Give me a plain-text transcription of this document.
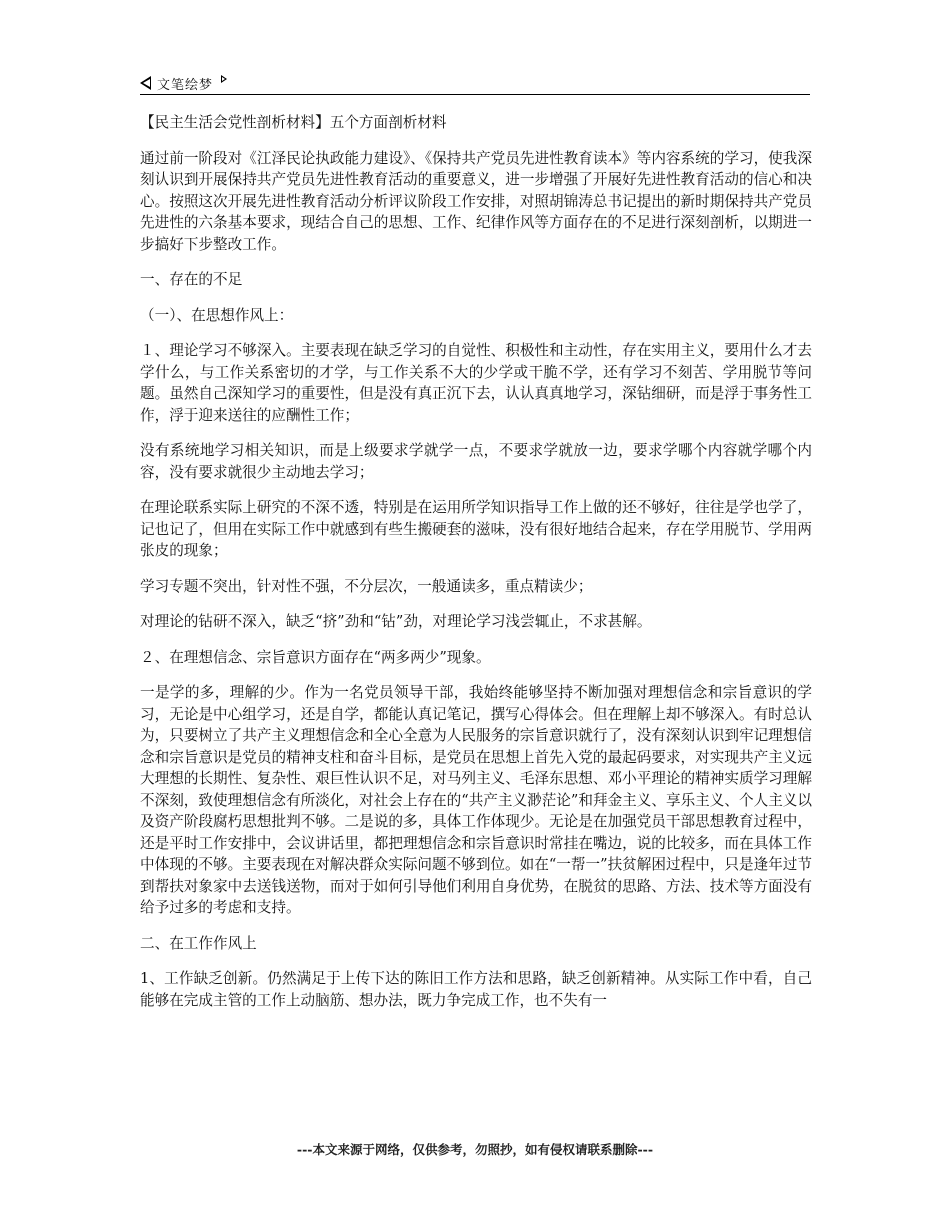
文笔绘梦

【民主生活会党性剖析材料】五个方面剖析材料

通过前一阶段对《江泽民论执政能力建设》、《保持共产党员先进性教育读本》等内容系统的学习，使我深刻认识到开展保持共产党员先进性教育活动的重要意义，进一步增强了开展好先进性教育活动的信心和决心。按照这次开展先进性教育活动分析评议阶段工作安排，对照胡锦涛总书记提出的新时期保持共产党员先进性的六条基本要求，现结合自己的思想、工作、纪律作风等方面存在的不足进行深刻剖析，以期进一步搞好下步整改工作。

一、存在的不足

（一）、在思想作风上：

１、理论学习不够深入。主要表现在缺乏学习的自觉性、积极性和主动性，存在实用主义，要用什么才去学什么，与工作关系密切的才学，与工作关系不大的少学或干脆不学，还有学习不刻苦、学用脱节等问题。虽然自己深知学习的重要性，但是没有真正沉下去，认认真真地学习，深钻细研，而是浮于事务性工作，浮于迎来送往的应酬性工作；

没有系统地学习相关知识，而是上级要求学就学一点，不要求学就放一边，要求学哪个内容就学哪个内容，没有要求就很少主动地去学习；

在理论联系实际上研究的不深不透，特别是在运用所学知识指导工作上做的还不够好，往往是学也学了，记也记了，但用在实际工作中就感到有些生搬硬套的滋味，没有很好地结合起来，存在学用脱节、学用两张皮的现象；

学习专题不突出，针对性不强，不分层次，一般通读多，重点精读少；

对理论的钻研不深入，缺乏“挤”劲和“钻”劲，对理论学习浅尝辄止，不求甚解。

２、在理想信念、宗旨意识方面存在“两多两少”现象。

一是学的多，理解的少。作为一名党员领导干部，我始终能够坚持不断加强对理想信念和宗旨意识的学习，无论是中心组学习，还是自学，都能认真记笔记，撰写心得体会。但在理解上却不够深入。有时总认为，只要树立了共产主义理想信念和全心全意为人民服务的宗旨意识就行了，没有深刻认识到牢记理想信念和宗旨意识是党员的精神支柱和奋斗目标，是党员在思想上首先入党的最起码要求，对实现共产主义远大理想的长期性、复杂性、艰巨性认识不足，对马列主义、毛泽东思想、邓小平理论的精神实质学习理解不深刻，致使理想信念有所淡化，对社会上存在的“共产主义渺茫论”和拜金主义、享乐主义、个人主义以及资产阶段腐朽思想批判不够。二是说的多，具体工作体现少。无论是在加强党员干部思想教育过程中，还是平时工作安排中，会议讲话里，都把理想信念和宗旨意识时常挂在嘴边，说的比较多，而在具体工作中体现的不够。主要表现在对解决群众实际问题不够到位。如在“一帮一”扶贫解困过程中，只是逢年过节到帮扶对象家中去送钱送物，而对于如何引导他们利用自身优势，在脱贫的思路、方法、技术等方面没有给予过多的考虑和支持。

二、在工作作风上

1、工作缺乏创新。仍然满足于上传下达的陈旧工作方法和思路，缺乏创新精神。从实际工作中看，自己能够在完成主管的工作上动脑筋、想办法，既力争完成工作，也不失有一

---本文来源于网络，仅供参考，勿照抄，如有侵权请联系删除---
